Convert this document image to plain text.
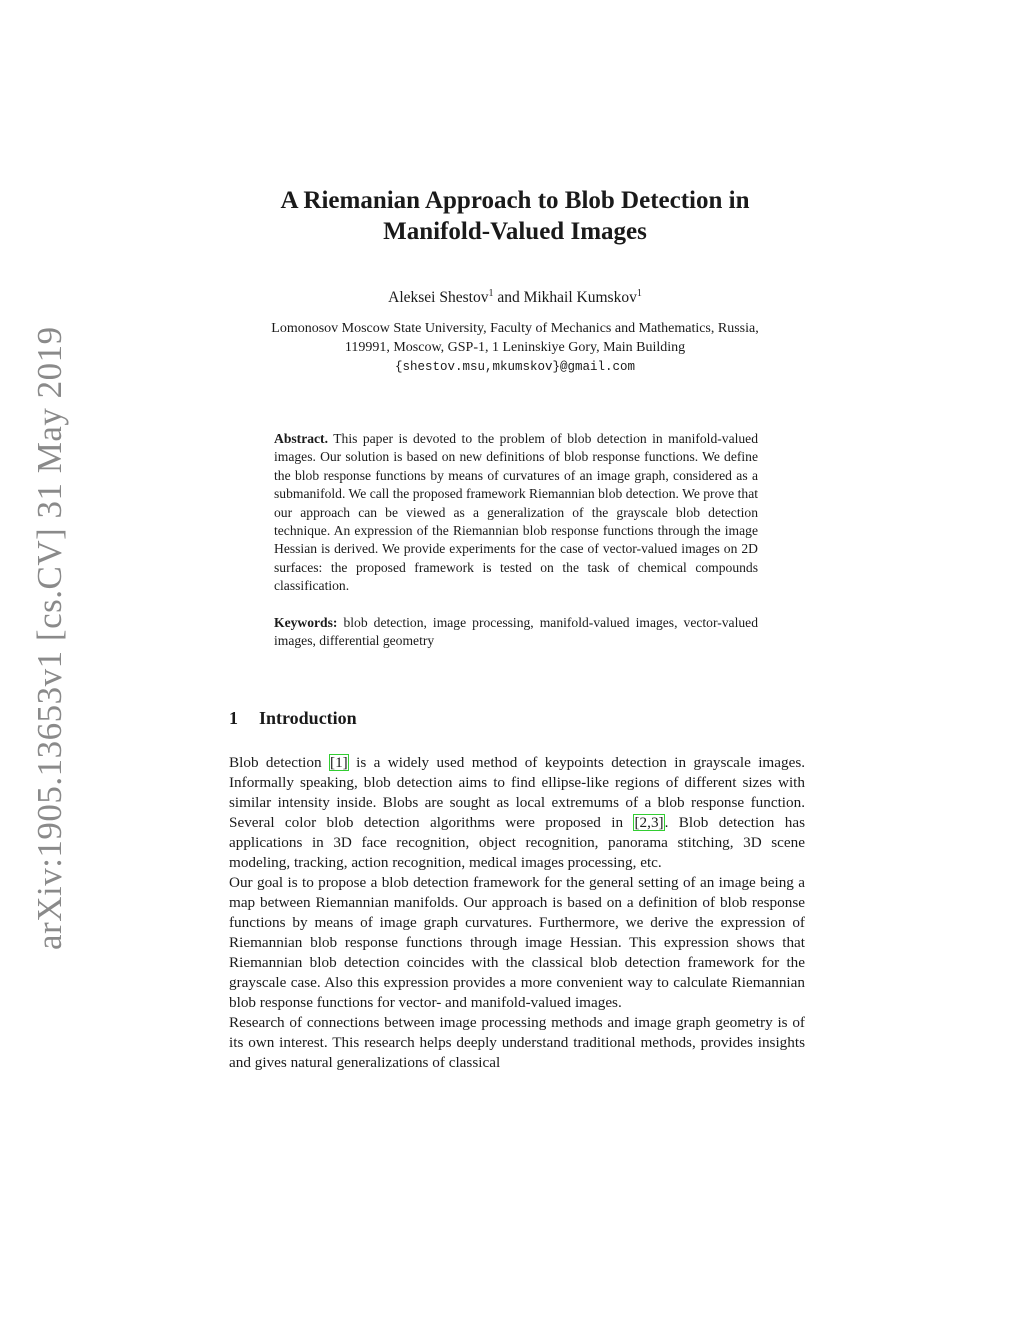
arXiv:1905.13653v1 [cs.CV] 31 May 2019
A Riemanian Approach to Blob Detection in
Manifold-Valued Images
Aleksei Shestov$^1$ and Mikhail Kumskov$^1$
Lomonosov Moscow State University, Faculty of Mechanics and Mathematics, Russia,
119991, Moscow, GSP-1, 1 Leninskiye Gory, Main Building
{shestov.msu,mkumskov}@gmail.com

Abstract. This paper is devoted to the problem of blob detection in manifold-valued images. Our solution is based on new definitions of blob response functions. We define the blob response functions by means of curvatures of an image graph, considered as a submanifold. We call the proposed framework Riemannian blob detection. We prove that our approach can be viewed as a generalization of the grayscale blob detection technique. An expression of the Riemannian blob response functions through the image Hessian is derived. We provide experiments for the case of vector-valued images on 2D surfaces: the proposed framework is tested on the task of chemical compounds classification.

Keywords: blob detection, image processing, manifold-valued images, vector-valued images, differential geometry

1 Introduction

Blob detection [1] is a widely used method of keypoints detection in grayscale images. Informally speaking, blob detection aims to find ellipse-like regions of different sizes with similar intensity inside. Blobs are sought as local extremums of a blob response function. Several color blob detection algorithms were proposed in [2,3]. Blob detection has applications in 3D face recognition, object recognition, panorama stitching, 3D scene modeling, tracking, action recognition, medical images processing, etc.

Our goal is to propose a blob detection framework for the general setting of an image being a map between Riemannian manifolds. Our approach is based on a definition of blob response functions by means of image graph curvatures. Furthermore, we derive the expression of Riemannian blob response functions through image Hessian. This expression shows that Riemannian blob detection coincides with the classical blob detection framework for the grayscale case. Also this expression provides a more convenient way to calculate Riemannian blob response functions for vector- and manifold-valued images.

Research of connections between image processing methods and image graph geometry is of its own interest. This research helps deeply understand traditional methods, provides insights and gives natural generalizations of classical
